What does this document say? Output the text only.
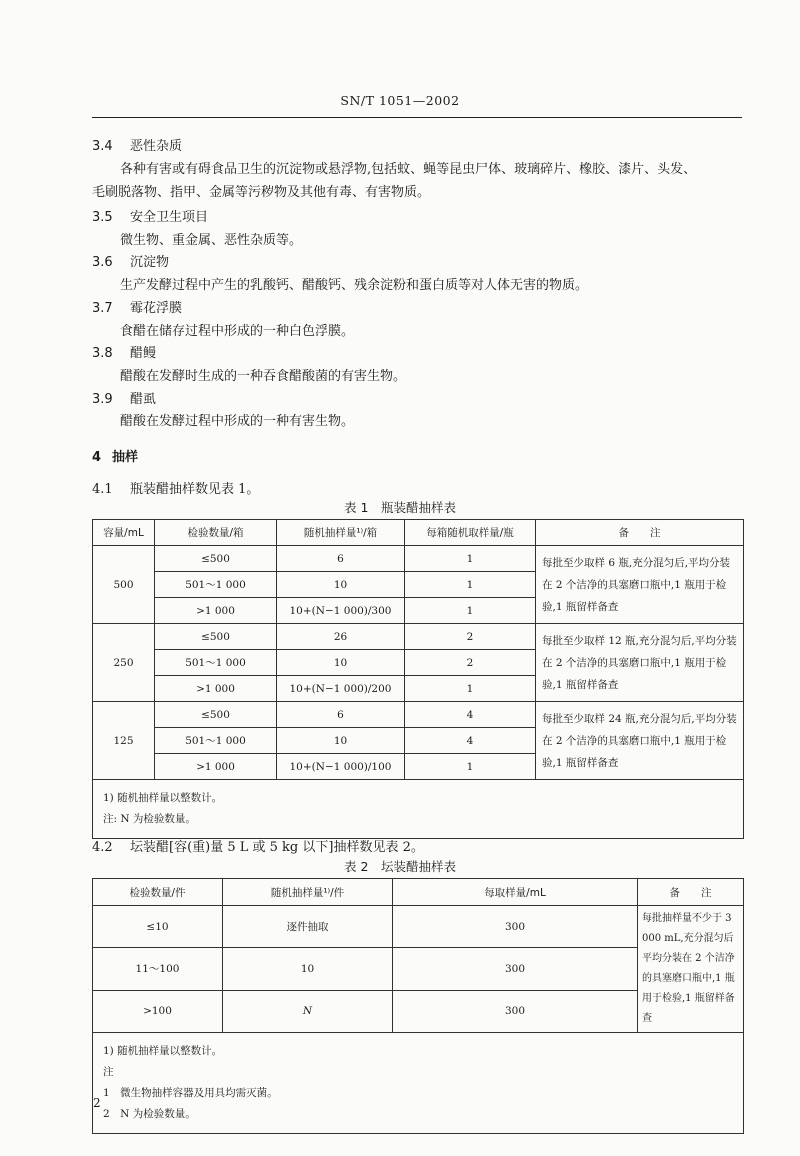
SN/T 1051—2002
3.4 恶性杂质
各种有害或有碍食品卫生的沉淀物或悬浮物,包括蚊、蝇等昆虫尸体、玻璃碎片、橡胶、漆片、头发、
毛刷脱落物、指甲、金属等污秽物及其他有毒、有害物质。
3.5 安全卫生项目
微生物、重金属、恶性杂质等。
3.6 沉淀物
生产发酵过程中产生的乳酸钙、醋酸钙、残余淀粉和蛋白质等对人体无害的物质。
3.7 霉花浮膜
食醋在储存过程中形成的一种白色浮膜。
3.8 醋鳗
醋酸在发酵时生成的一种吞食醋酸菌的有害生物。
3.9 醋虱
醋酸在发酵过程中形成的一种有害生物。
4 抽样
4.1 瓶装醋抽样数见表 1。
表 1　瓶装醋抽样表
容量/mL	检验数量/箱	随机抽样量¹⁾/箱	每箱随机取样量/瓶	备　　注
500	≤500	6	1	每批至少取样 6 瓶,充分混匀后,平均分装在 2 个洁净的具塞磨口瓶中,1 瓶用于检验,1 瓶留样备查
	501～1 000	10	1	
	>1 000	10+(N−1 000)/300	1	
250	≤500	26	2	每批至少取样 12 瓶,充分混匀后,平均分装在 2 个洁净的具塞磨口瓶中,1 瓶用于检验,1 瓶留样备查
	501～1 000	10	2	
	>1 000	10+(N−1 000)/200	1	
125	≤500	6	4	每批至少取样 24 瓶,充分混匀后,平均分装在 2 个洁净的具塞磨口瓶中,1 瓶用于检验,1 瓶留样备查
	501～1 000	10	4	
	>1 000	10+(N−1 000)/100	1	

1) 随机抽样量以整数计。
注: N 为检验数量。				
4.2 坛装醋[容(重)量 5 L 或 5 kg 以下]抽样数见表 2。
表 2　坛装醋抽样表
检验数量/件	随机抽样量¹⁾/件	每取样量/mL	备　　注
≤10	逐件抽取	300	每批抽样量不少于 3 000 mL,充分混匀后平均分装在 2 个洁净的具塞磨口瓶中,1 瓶用于检验,1 瓶留样备查
11～100	10	300	
>100	N	300	

1) 随机抽样量以整数计。
注
1　微生物抽样容器及用具均需灭菌。
2　N 为检验数量。			
2
